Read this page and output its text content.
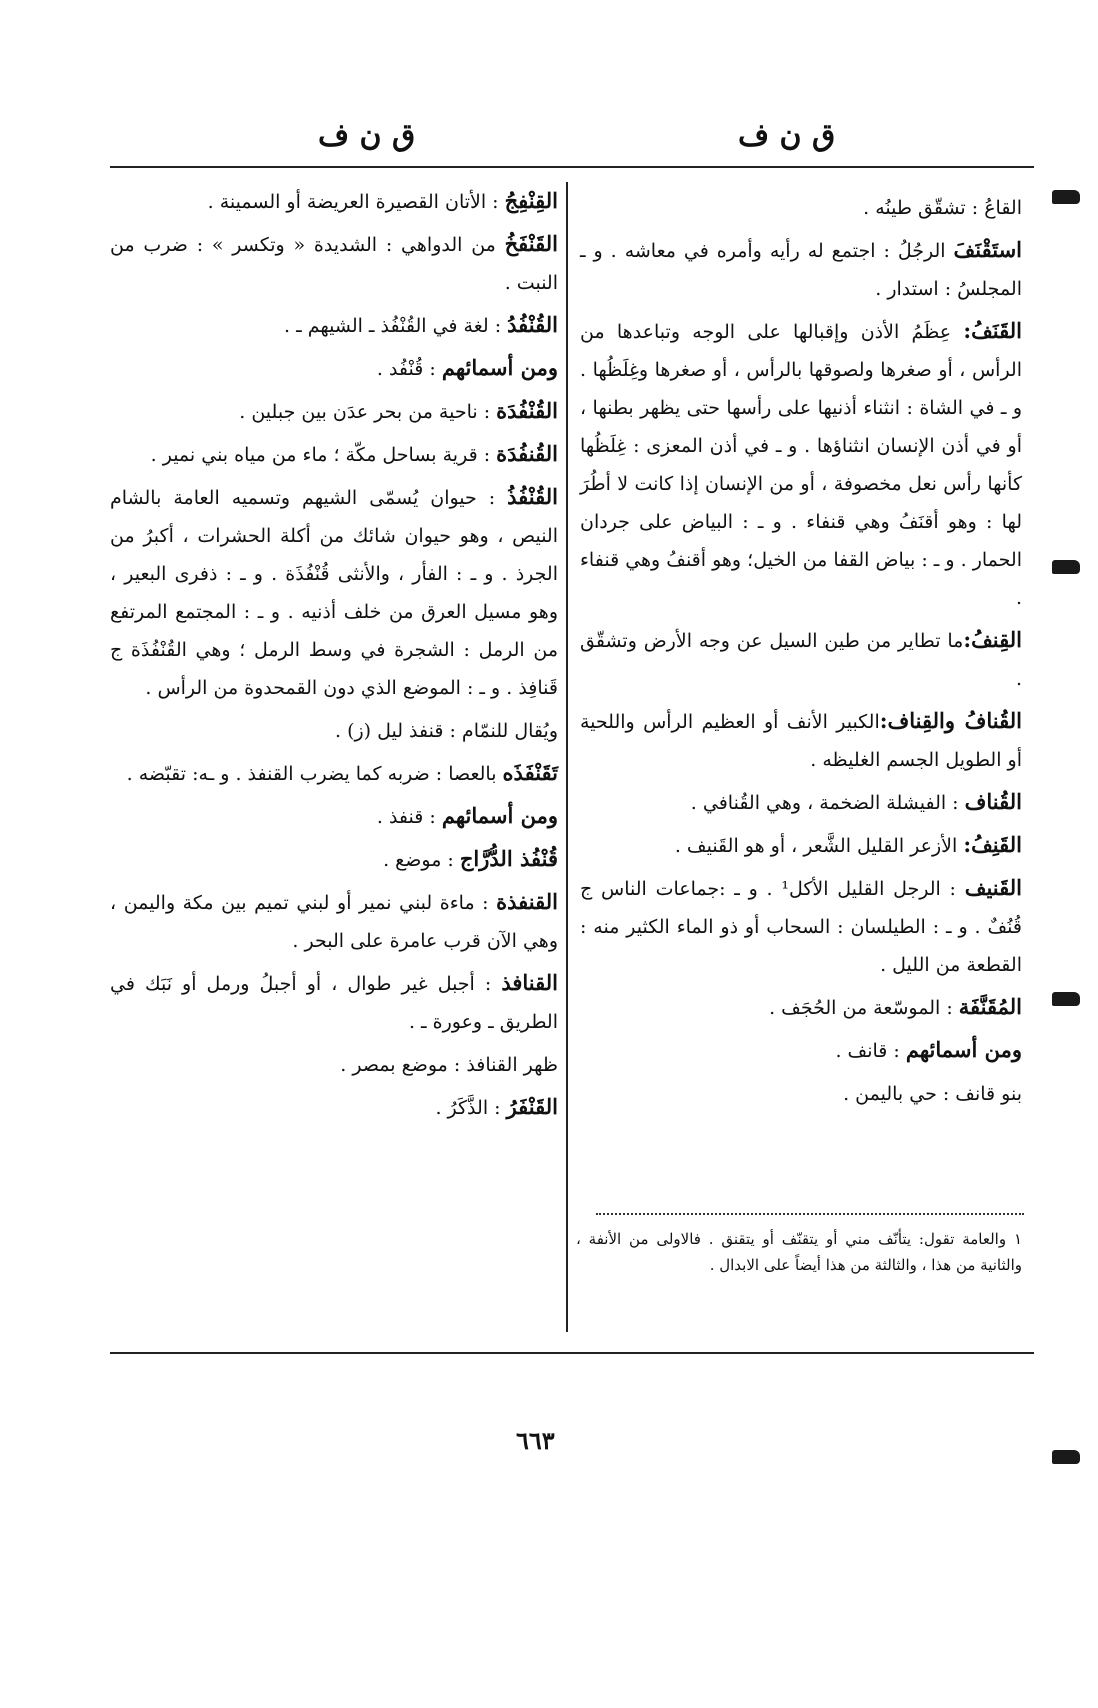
ق ن ف
ق ن ف

القاعُ : تشقّق طينُه .

استَقْنَفَ الرجُلُ : اجتمع له رأيه وأمره في معاشه . و ـ المجلسُ : استدار .

القَنَفُ: عِظَمُ الأذن وإقبالها على الوجه وتباعدها من الرأس ، أو صغرها ولصوقها بالرأس ، أو صغرها وغِلَظُها . و ـ في الشاة : انثناء أذنيها على رأسها حتى يظهر بطنها ، أو في أذن الإنسان انثناؤها . و ـ في أذن المعزى : غِلَظُها كأنها رأس نعل مخصوفة ، أو من الإنسان إذا كانت لا أطُرَ لها : وهو أقنَفُ وهي قنفاء . و ـ : البياض على جردان الحمار . و ـ : بياض القفا من الخيل؛ وهو أقنفُ وهي قنفاء .

القِنفُ:ما تطاير من طين السيل عن وجه الأرض وتشقّق .

القُنافُ والقِناف:الكبير الأنف أو العظيم الرأس واللحية أو الطويل الجسم الغليظه .

القُناف : الفيشلة الضخمة ، وهي القُنافي .

القَنِفُ: الأزعر القليل الشَّعر ، أو هو القَنيف .

القَنيف : الرجل القليل الأكل¹ . و ـ :جماعات الناس ج قُنُفٌ . و ـ : الطيلسان : السحاب أو ذو الماء الكثير منه : القطعة من الليل .

المُقَنَّفَة : الموسّعة من الحُجَف .

ومن أسمائهم : قانف .

بنو قانف : حي باليمن .

القِنْفِجُ : الأتان القصيرة العريضة أو السمينة .

القَنْفَخُ من الدواهي : الشديدة « وتكسر » : ضرب من النبت .

القُنْفُدُ : لغة في القُنْفُذ ـ الشيهم ـ .

ومن أسمائهم : قُنْفُد .

القُنْفُدَة : ناحية من بحر عدَن بين جبلين .

القُنفُدَة : قرية بساحل مكّة ؛ ماء من مياه بني نمير .

القُنْفُذُ : حيوان يُسمّى الشيهم وتسميه العامة بالشام النيص ، وهو حيوان شائك من أكلة الحشرات ، أكبرُ من الجرذ . و ـ : الفأر ، والأنثى قُنْفُذَة . و ـ : ذفرى البعير ، وهو مسيل العرق من خلف أذنيه . و ـ : المجتمع المرتفع من الرمل : الشجرة في وسط الرمل ؛ وهي القُنْفُذَة ج قَنافِذ . و ـ : الموضع الذي دون القمحدوة من الرأس .

ويُقال للنمّام : قنفذ ليل (ز) .

تَقَنْفَذَه بالعصا : ضربه كما يضرب القنفذ . و ـه: تقبّضه .

ومن أسمائهم : قنفذ .

قُنْفُذ الدُّرَّاج : موضع .

القنفذة : ماءة لبني نمير أو لبني تميم بين مكة واليمن ، وهي الآن قرب عامرة على البحر .

القنافذ : أجبل غير طوال ، أو أجبلُ ورمل أو نَبَك في الطريق ـ وعورة ـ .

ظهر القنافذ : موضع بمصر .

القَنْفَرُ : الذَّكَرُ .

١ والعامة تقول: يتأنّف مني أو يتقنّف أو يتقنق . فالاولى من الأنفة ، والثانية من هذا ، والثالثة من هذا أيضاً على الابدال .
٦٦٣
